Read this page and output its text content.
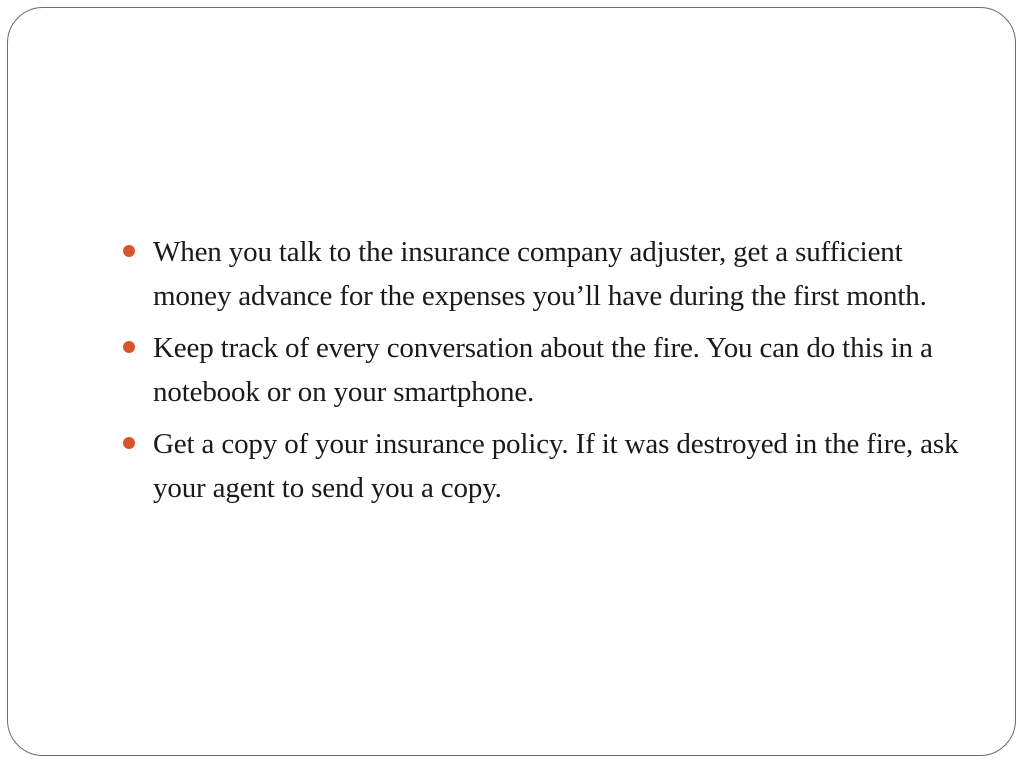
When you talk to the insurance company adjuster, get a sufficient money advance for the expenses you’ll have during the first month.
Keep track of every conversation about the fire. You can do this in a notebook or on your smartphone.
Get a copy of your insurance policy. If it was destroyed in the fire, ask your agent to send you a copy.
